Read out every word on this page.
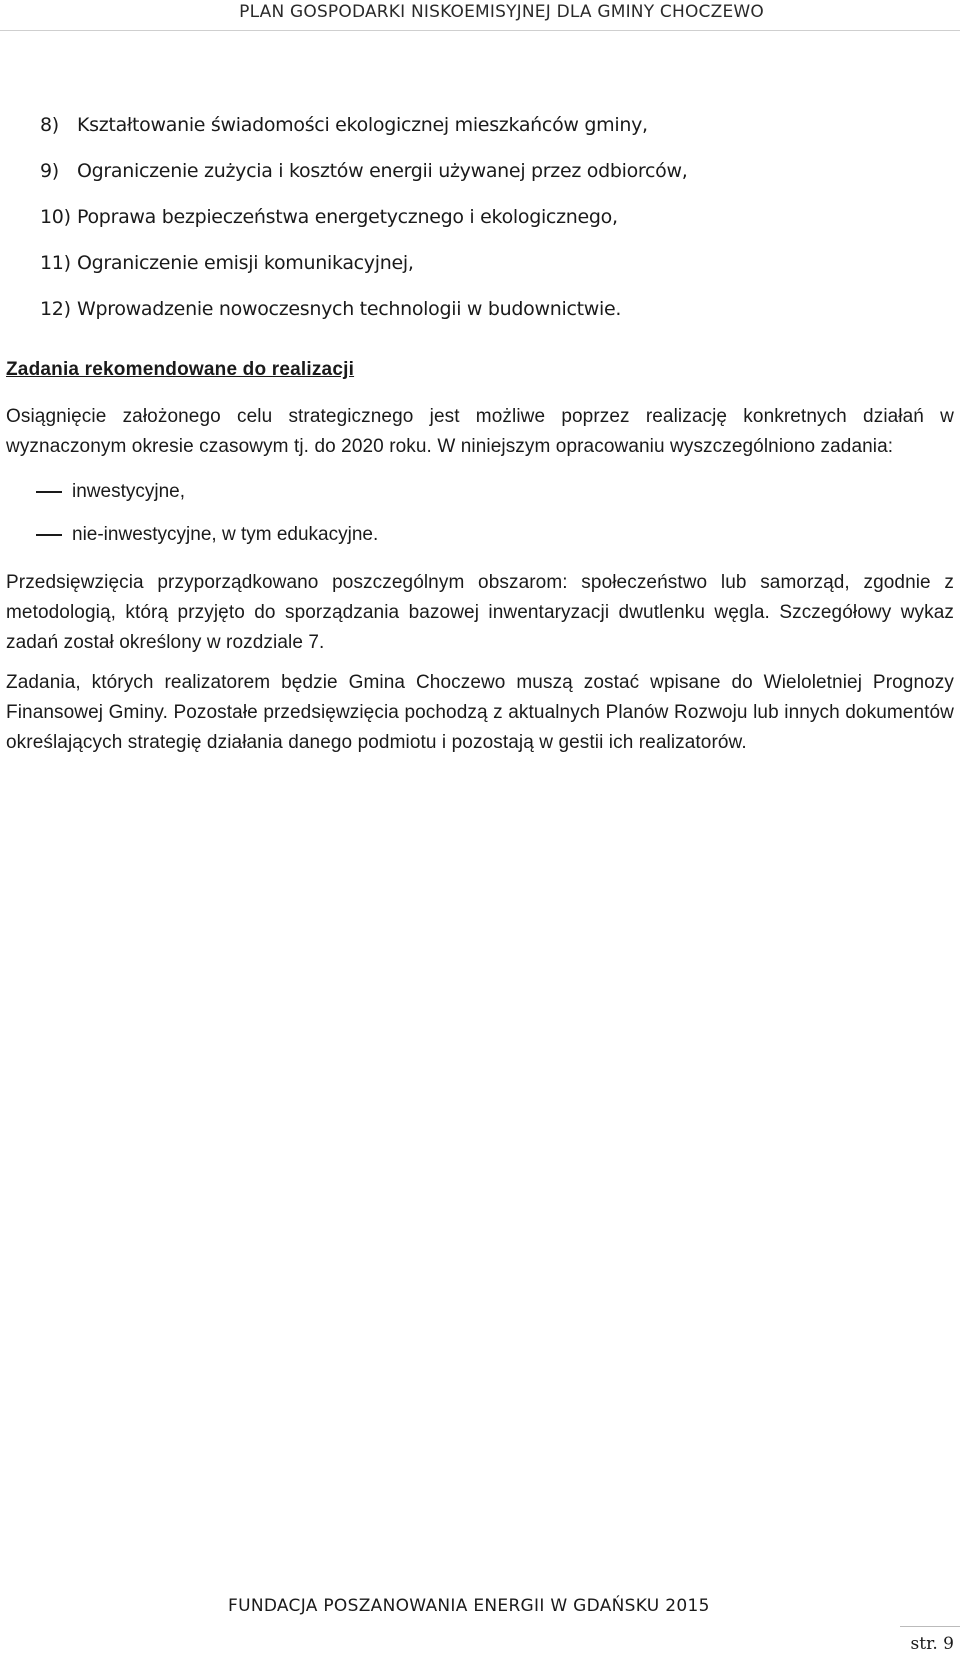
PLAN GOSPODARKI NISKOEMISYJNEJ DLA GMINY CHOCZEWO
8) Kształtowanie świadomości ekologicznej mieszkańców gminy,
9) Ograniczenie zużycia i kosztów energii używanej przez odbiorców,
10) Poprawa bezpieczeństwa energetycznego i ekologicznego,
11) Ograniczenie emisji komunikacyjnej,
12) Wprowadzenie nowoczesnych technologii w budownictwie.
Zadania rekomendowane do realizacji

Osiągnięcie założonego celu strategicznego jest możliwe poprzez realizację konkretnych działań w wyznaczonym okresie czasowym tj. do 2020 roku. W niniejszym opracowaniu wyszczególniono zadania:

inwestycyjne,
nie-inwestycyjne, w tym edukacyjne.

Przedsięwzięcia przyporządkowano poszczególnym obszarom: społeczeństwo lub samorząd, zgodnie z metodologią, którą przyjęto do sporządzania bazowej inwentaryzacji dwutlenku węgla. Szczegółowy wykaz zadań został określony w rozdziale 7.

Zadania, których realizatorem będzie Gmina Choczewo muszą zostać wpisane do Wieloletniej Prognozy Finansowej Gminy. Pozostałe przedsięwzięcia pochodzą z aktualnych Planów Rozwoju lub innych dokumentów określających strategię działania danego podmiotu i pozostają w gestii ich realizatorów.

FUNDACJA POSZANOWANIA ENERGII W GDAŃSKU 2015
str. 9
